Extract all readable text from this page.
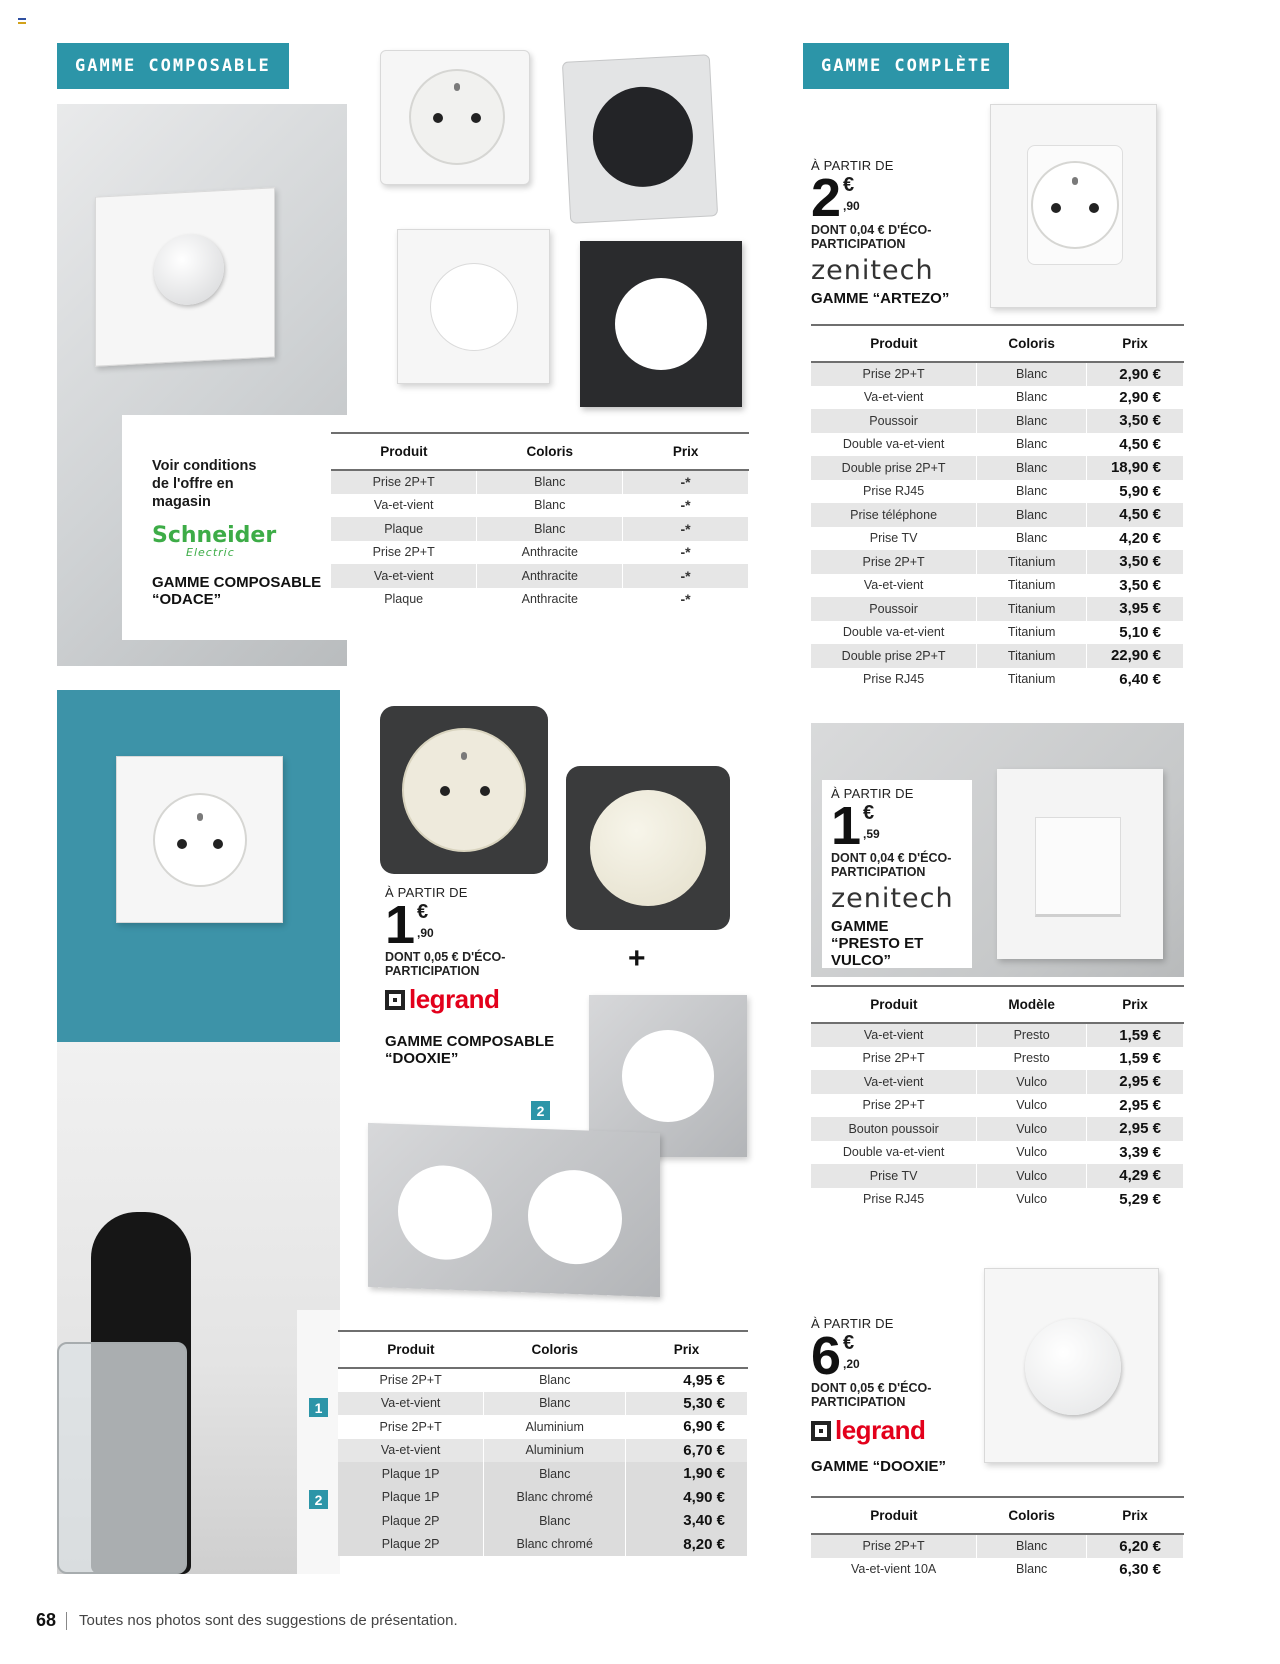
GAMME COMPOSABLE	GAMME COMPLÈTE
Voir conditions de l'offre en magasin
Schneider
Electric
GAMME COMPOSABLE “ODACE”
Produit	Coloris	Prix
Prise 2P+T	Blanc	-*
Va-et-vient	Blanc	-*
Plaque	Blanc	-*
Prise 2P+T	Anthracite	-*
Va-et-vient	Anthracite	-*
Plaque	Anthracite	-*
1
2
+
2
À PARTIR DE
1 €
,90
DONT 0,05 € D'ÉCO-PARTICIPATION
legrand
GAMME COMPOSABLE “DOOXIE”
Produit	Coloris	Prix
Prise 2P+T	Blanc	4,95 €
Va-et-vient	Blanc	5,30 €
Prise 2P+T	Aluminium	6,90 €
Va-et-vient	Aluminium	6,70 €
Plaque 1P	Blanc	1,90 €
Plaque 1P	Blanc chromé	4,90 €
Plaque 2P	Blanc	3,40 €
Plaque 2P	Blanc chromé	8,20 €
À PARTIR DE
2 €
,90
DONT 0,04 € D'ÉCO-PARTICIPATION
zenitech
GAMME “ARTEZO”
Produit	Coloris	Prix
Prise 2P+T	Blanc	2,90 €
Va-et-vient	Blanc	2,90 €
Poussoir	Blanc	3,50 €
Double va-et-vient	Blanc	4,50 €
Double prise 2P+T	Blanc	18,90 €
Prise RJ45	Blanc	5,90 €
Prise téléphone	Blanc	4,50 €
Prise TV	Blanc	4,20 €
Prise 2P+T	Titanium	3,50 €
Va-et-vient	Titanium	3,50 €
Poussoir	Titanium	3,95 €
Double va-et-vient	Titanium	5,10 €
Double prise 2P+T	Titanium	22,90 €
Prise RJ45	Titanium	6,40 €
À PARTIR DE
1 €
,59
DONT 0,04 € D'ÉCO-PARTICIPATION
zenitech
GAMME “PRESTO ET VULCO”
Produit	Modèle	Prix
Va-et-vient	Presto	1,59 €
Prise 2P+T	Presto	1,59 €
Va-et-vient	Vulco	2,95 €
Prise 2P+T	Vulco	2,95 €
Bouton poussoir	Vulco	2,95 €
Double va-et-vient	Vulco	3,39 €
Prise TV	Vulco	4,29 €
Prise RJ45	Vulco	5,29 €
À PARTIR DE
6 €
,20
DONT 0,05 € D'ÉCO-PARTICIPATION
legrand
GAMME “DOOXIE”
Produit	Coloris	Prix
Prise 2P+T	Blanc	6,20 €
Va-et-vient 10A	Blanc	6,30 €
68 Toutes nos photos sont des suggestions de présentation.
